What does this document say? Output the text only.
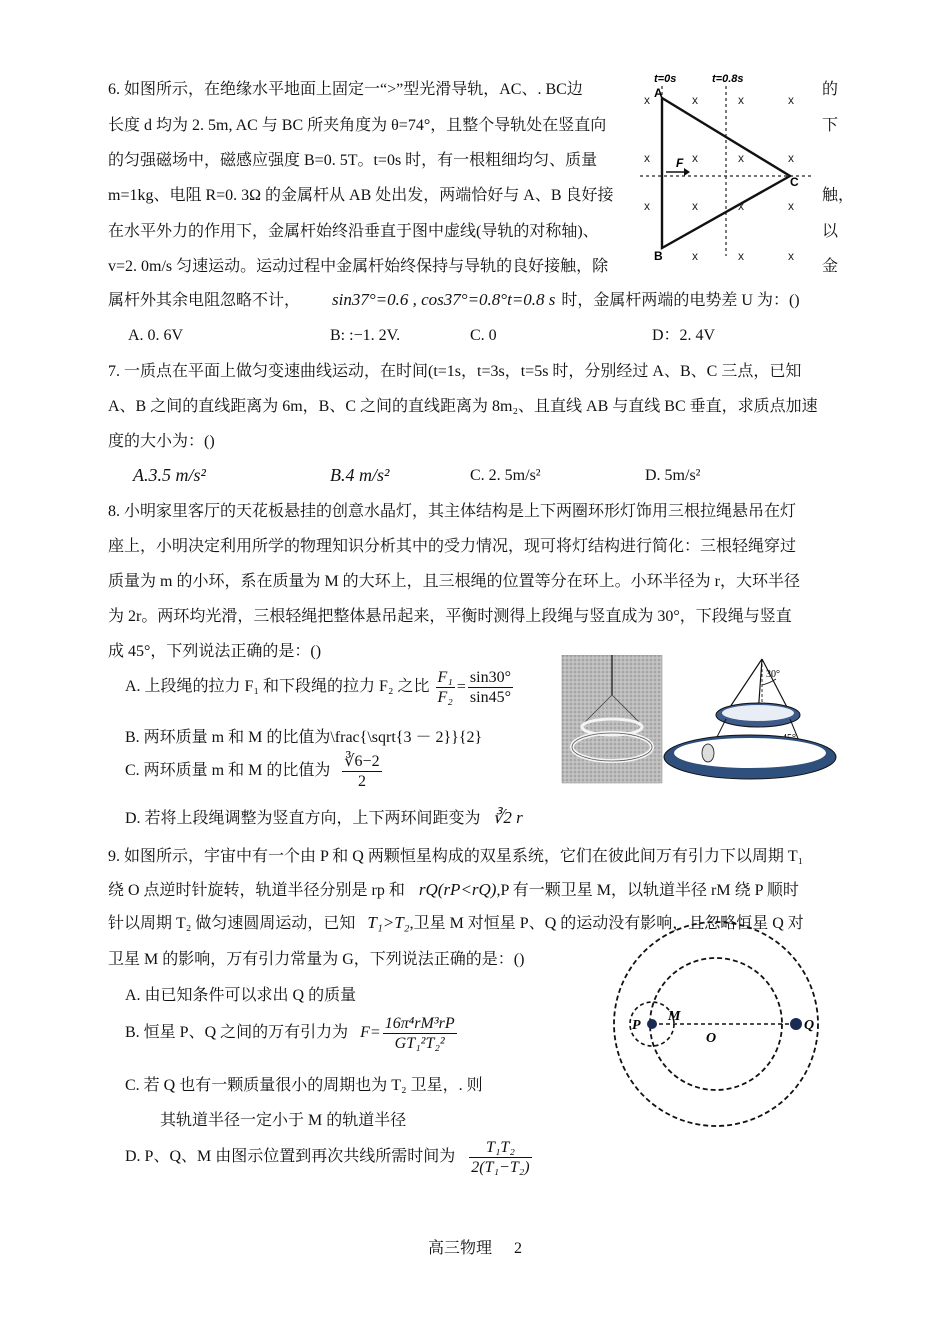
6. 如图所示，在绝缘水平地面上固定一“>”型光滑导轨，AC、. BC边
长度 d 均为 2. 5m, AC 与 BC 所夹角度为 θ=74°，且整个导轨处在竖直向
的匀强磁场中，磁感应强度 B=0. 5T。t=0s 时，有一根粗细均匀、质量
m=1kg、电阻 R=0. 3Ω 的金属杆从 AB 处出发，两端恰好与 A、B 良好接
在水平外力的作用下，金属杆始终沿垂直于图中虚线(导轨的对称轴)、
v=2. 0m/s 匀速运动。运动过程中金属杆始终保持与导轨的良好接触，除
的
下
触，
以
金
属杆外其余电阻忽略不计， sin37°=0.6 , cos37°=0.8°t=0.8 s 时，金属杆两端的电势差 U 为：()
A. 0. 6V	B: :−1. 2V.	C. 0	D：2. 4V
t=0s	t=0.8s
A
B
C
F
x	x	x	x
x	x	x	x
x	x	x	x
x	x	x
7. 一质点在平面上做匀变速曲线运动，在时间(t=1s，t=3s，t=5s 时，分别经过 A、B、C 三点，已知
A、B 之间的直线距离为 6m，B、C 之间的直线距离为 8m₂、且直线 AB 与直线 BC 垂直，求质点加速
度的大小为：()
A.3.5 m/s²	B.4 m/s²	C. 2. 5m/s²	D. 5m/s²
8. 小明家里客厅的天花板悬挂的创意水晶灯，其主体结构是上下两圈环形灯饰用三根拉绳悬吊在灯
座上，小明决定利用所学的物理知识分析其中的受力情况，现可将灯结构进行简化：三根轻绳穿过
质量为 m 的小环，系在质量为 M 的大环上，且三根绳的位置等分在环上。小环半径为 r，大环半径
为 2r。两环均光滑，三根轻绳把整体悬吊起来，平衡时测得上段绳与竖直成为 30°，下段绳与竖直
成 45°，下列说法正确的是：()
A. 上段绳的拉力 F₁ 和下段绳的拉力 F₂ 之比 $\frac{\text{F₁}}{\text{F₂}} = \frac{\sin 30^\circ}{\sin 45^\circ}$
B. 两环质量 m 和 M 的比值为\frac{\sqrt{3 － 2}}{2}
C. 两环质量 m 和 M 的比值为 $\frac{∛6-2}{2}$
D. 若将上段绳调整为竖直方向，上下两环间距变为 ∛2 r
30°
9. 如图所示，宇宙中有一个由 P 和 Q 两颗恒星构成的双星系统，它们在彼此间万有引力下以周期 T₁
绕 O 点逆时针旋转，轨道半径分别是 rp 和 rQ(rP<rQ),P 有一颗卫星 M，以轨道半径 rM 绕 P 顺时
针以周期 T₂ 做匀速圆周运动，已知 T₁>T₂,卫星 M 对恒星 P、Q 的运动没有影响，且忽略恒星 Q 对
卫星 M 的影响，万有引力常量为 G，下列说法正确的是：()
A. 由已知条件可以求出 Q 的质量
B. 恒星 P、Q 之间的万有引力为 $F= \frac{\text{16π⁴rM³rP}}{\text{GT₁²T₂²}}$
C. 若 Q 也有一颗质量很小的周期也为 T₂ 卫星，. 则
其轨道半径一定小于 M 的轨道半径
D. P、Q、M 由图示位置到再次共线所需时间为 $\frac{\text{T₁T₂}}{\text{2(T₁−T₂)}}$
P
M
O
Q
高三物理 2
